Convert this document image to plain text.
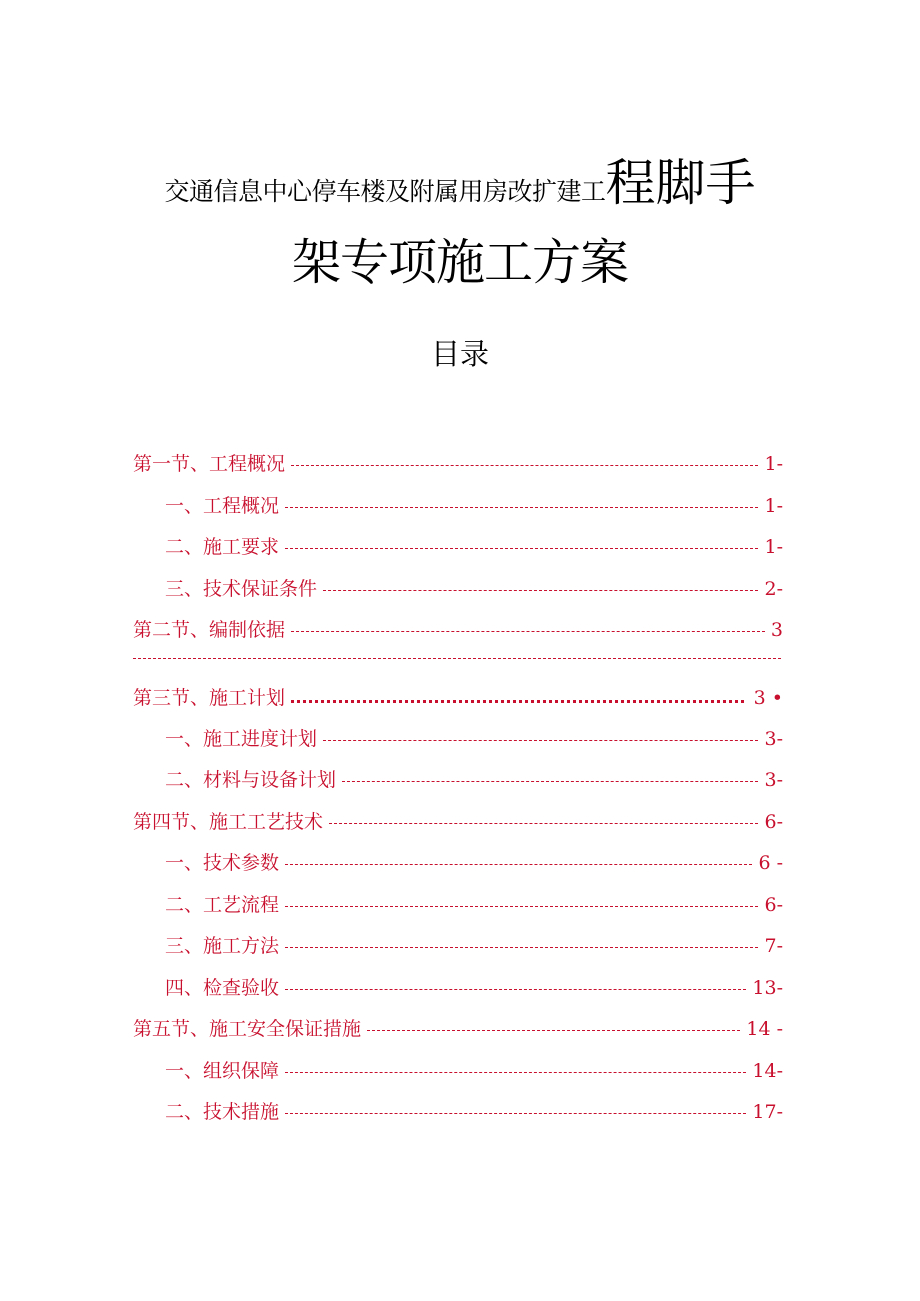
交通信息中心停车楼及附属用房改扩建工程脚手
架专项施工方案
目录
第一节、工程概况	1-
一、工程概况	1-
二、施工要求	1-
三、技术保证条件	2-
第二节、编制依据	3
第三节、施工计划	3 •
一、施工进度计划	3-
二、材料与设备计划	3-
第四节、施工工艺技术	6-
一、技术参数	6 -
二、工艺流程	6-
三、施工方法	7-
四、检查验收	13-
第五节、施工安全保证措施	14 -
一、组织保障	14-
二、技术措施	17-
